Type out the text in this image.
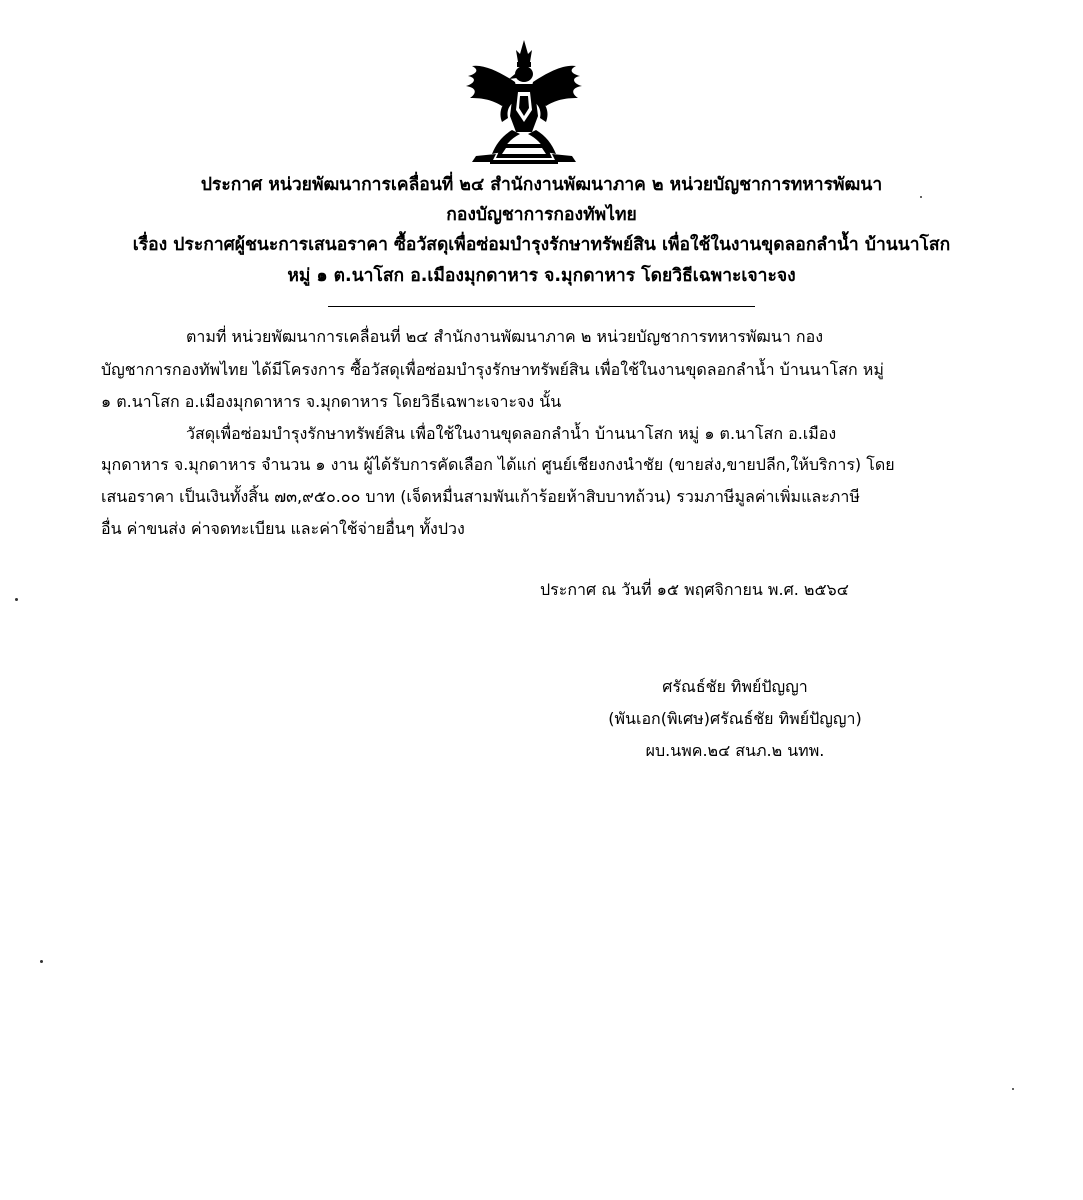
ประกาศ หน่วยพัฒนาการเคลื่อนที่ ๒๔ สำนักงานพัฒนาภาค ๒ หน่วยบัญชาการทหารพัฒนา
กองบัญชาการกองทัพไทย
เรื่อง ประกาศผู้ชนะการเสนอราคา ซื้อวัสดุเพื่อซ่อมบำรุงรักษาทรัพย์สิน เพื่อใช้ในงานขุดลอกลำน้ำ บ้านนาโสก
หมู่ ๑ ต.นาโสก อ.เมืองมุกดาหาร จ.มุกดาหาร โดยวิธีเฉพาะเจาะจง
ตามที่ หน่วยพัฒนาการเคลื่อนที่ ๒๔ สำนักงานพัฒนาภาค ๒ หน่วยบัญชาการทหารพัฒนา กอง
บัญชาการกองทัพไทย ได้มีโครงการ ซื้อวัสดุเพื่อซ่อมบำรุงรักษาทรัพย์สิน เพื่อใช้ในงานขุดลอกลำน้ำ บ้านนาโสก หมู่
๑ ต.นาโสก อ.เมืองมุกดาหาร จ.มุกดาหาร โดยวิธีเฉพาะเจาะจง นั้น
วัสดุเพื่อซ่อมบำรุงรักษาทรัพย์สิน เพื่อใช้ในงานขุดลอกลำน้ำ บ้านนาโสก หมู่ ๑ ต.นาโสก อ.เมือง
มุกดาหาร จ.มุกดาหาร จำนวน ๑ งาน ผู้ได้รับการคัดเลือก ได้แก่ ศูนย์เชียงกงนำชัย (ขายส่ง,ขายปลีก,ให้บริการ) โดย
เสนอราคา เป็นเงินทั้งสิ้น ๗๓,๙๕๐.๐๐ บาท (เจ็ดหมื่นสามพันเก้าร้อยห้าสิบบาทถ้วน) รวมภาษีมูลค่าเพิ่มและภาษี
อื่น ค่าขนส่ง ค่าจดทะเบียน และค่าใช้จ่ายอื่นๆ ทั้งปวง
ประกาศ ณ วันที่ ๑๕ พฤศจิกายน พ.ศ. ๒๕๖๔
ศรัณธ์ชัย ทิพย์ปัญญา
(พันเอก(พิเศษ)ศรัณธ์ชัย ทิพย์ปัญญา)
ผบ.นพค.๒๔ สนภ.๒ นทพ.
